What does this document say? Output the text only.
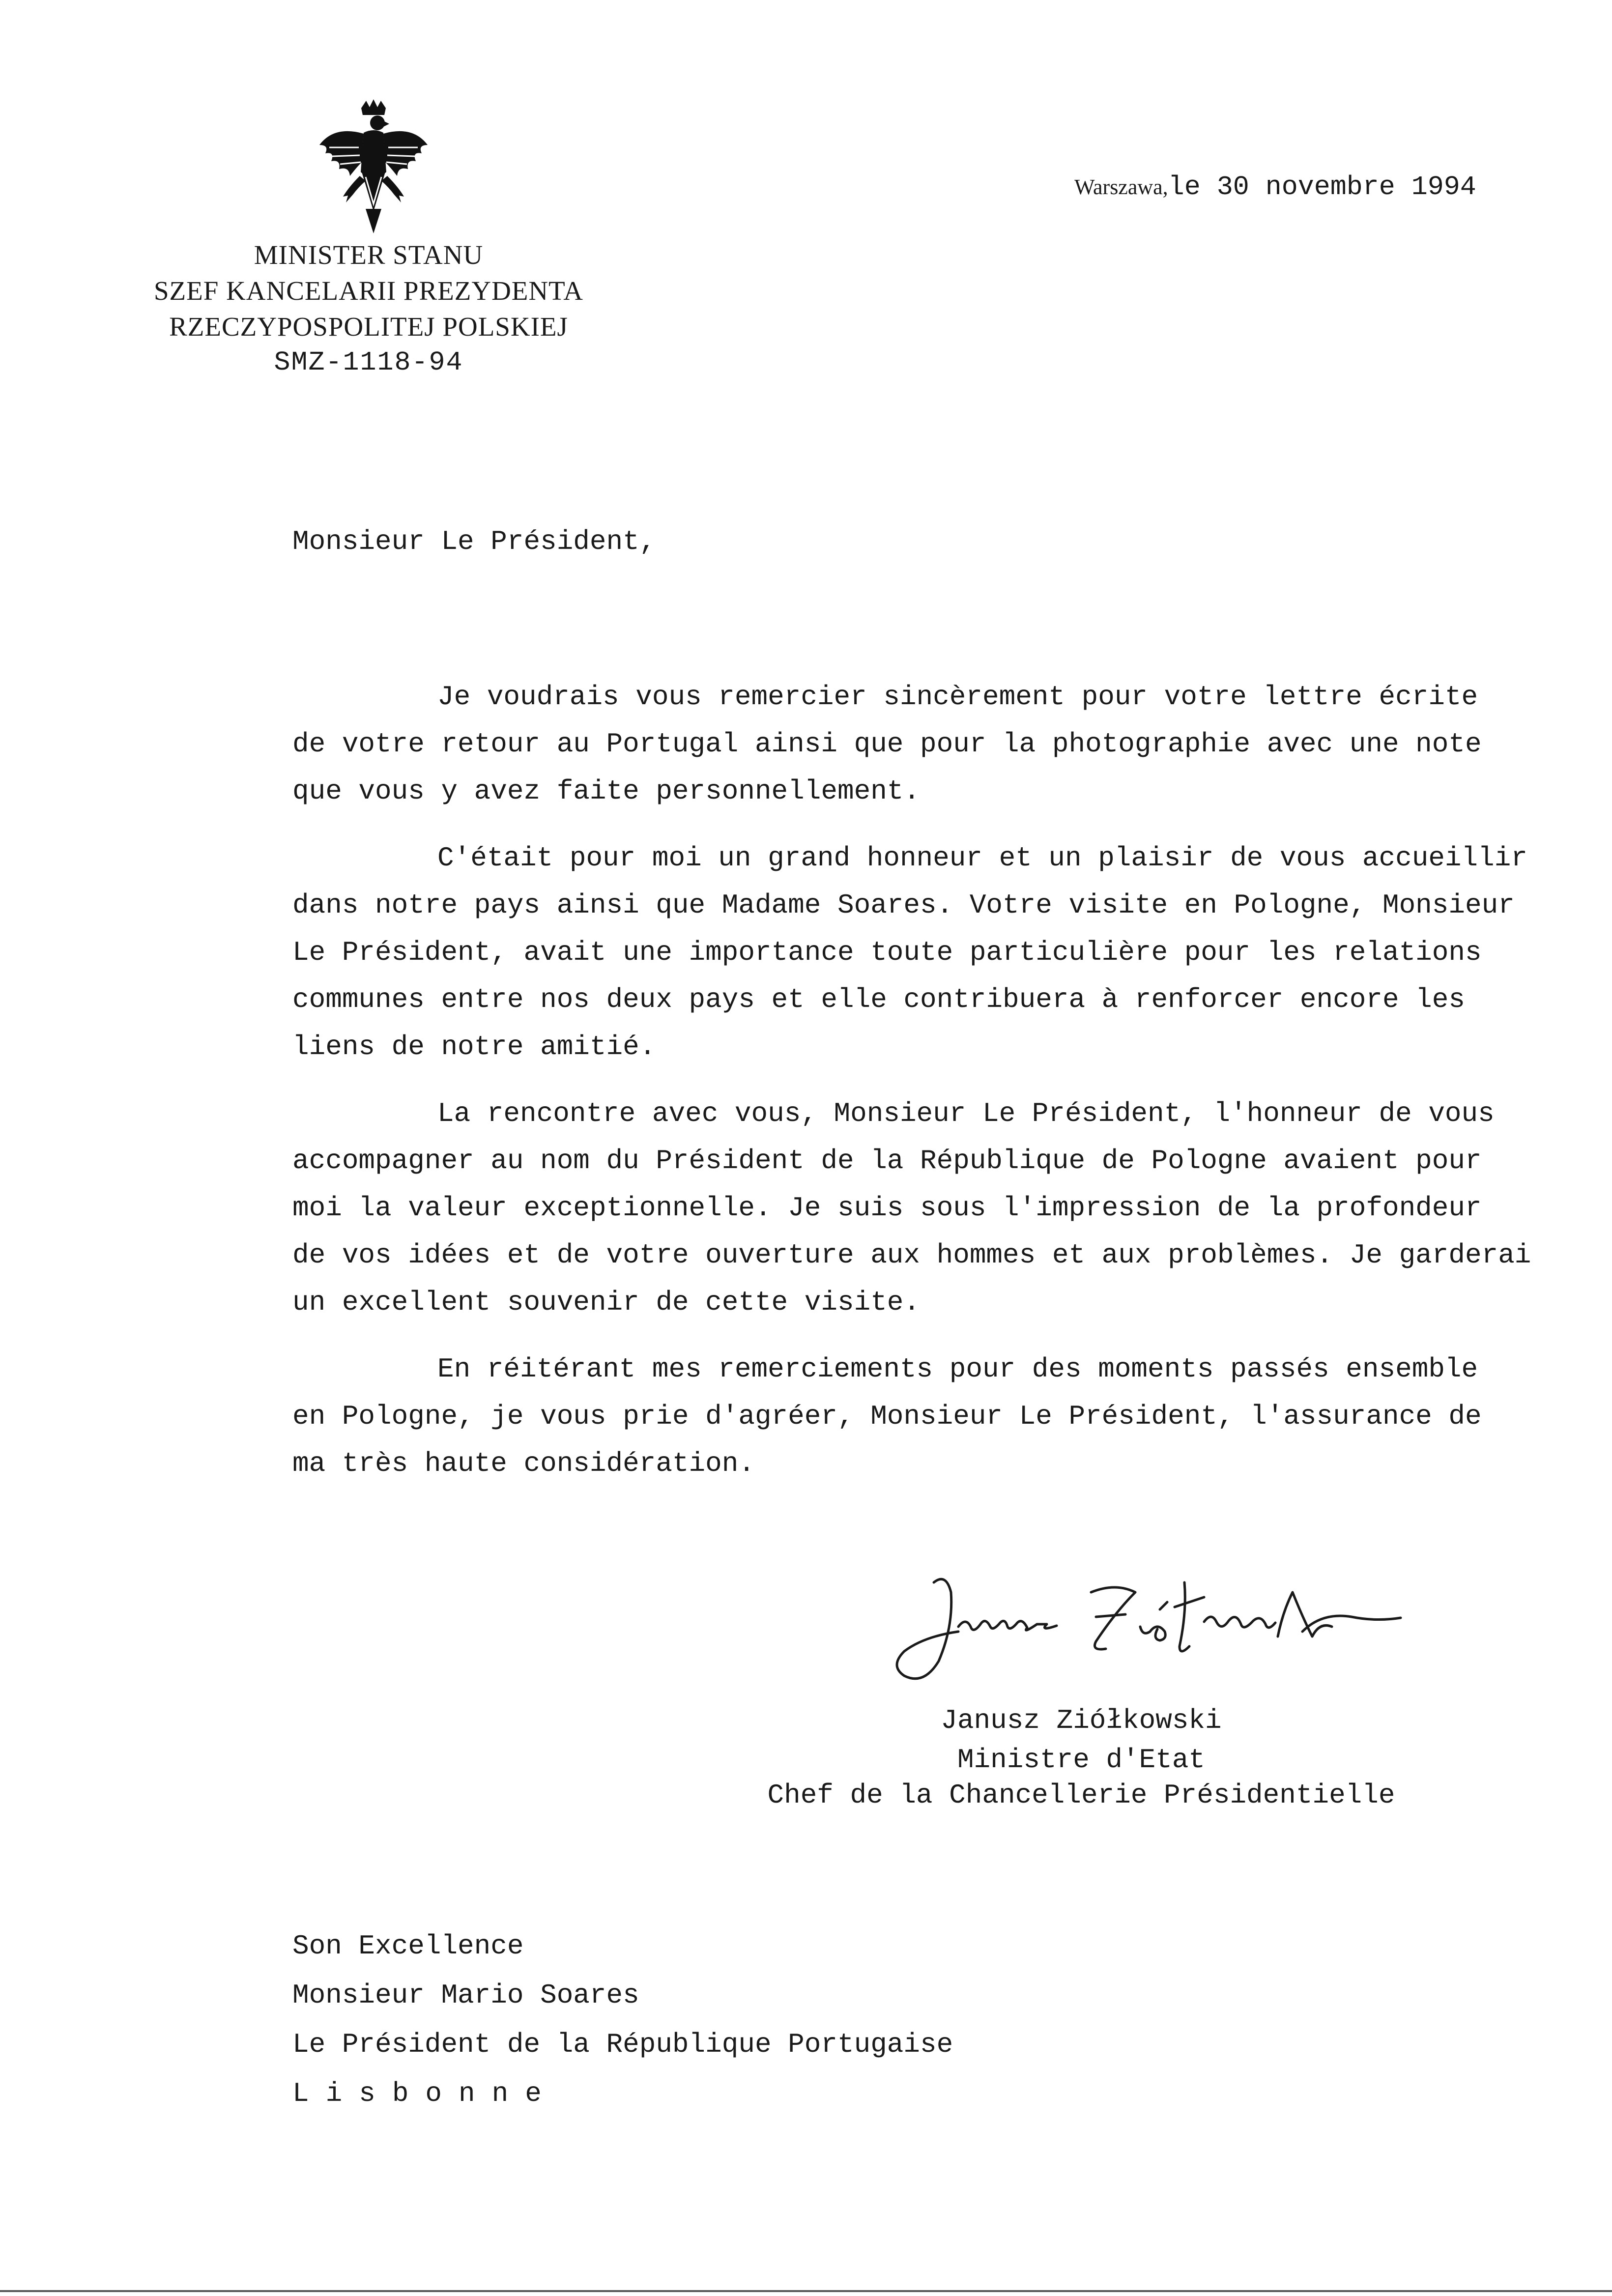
MINISTER STANU
SZEF KANCELARII PREZYDENTA
RZECZYPOSPOLITEJ POLSKIEJ
SMZ-1118-94
Warszawa,le 30 novembre 1994
Monsieur Le Président,

Je voudrais vous remercier sincèrement pour votre lettre écrite
de votre retour au Portugal ainsi que pour la photographie avec une note
que vous y avez faite personnellement.

C'était pour moi un grand honneur et un plaisir de vous accueillir
dans notre pays ainsi que Madame Soares. Votre visite en Pologne, Monsieur
Le Président, avait une importance toute particulière pour les relations
communes entre nos deux pays et elle contribuera à renforcer encore les
liens de notre amitié.

La rencontre avec vous, Monsieur Le Président, l'honneur de vous
accompagner au nom du Président de la République de Pologne avaient pour
moi la valeur exceptionnelle. Je suis sous l'impression de la profondeur
de vos idées et de votre ouverture aux hommes et aux problèmes. Je garderai
un excellent souvenir de cette visite.

En réitérant mes remerciements pour des moments passés ensemble
en Pologne, je vous prie d'agréer, Monsieur Le Président, l'assurance de
ma très haute considération.

Janusz Ziółkowski
Ministre d'Etat
Chef de la Chancellerie Présidentielle
Son Excellence
Monsieur Mario Soares
Le Président de la République Portugaise
Lisbonne
